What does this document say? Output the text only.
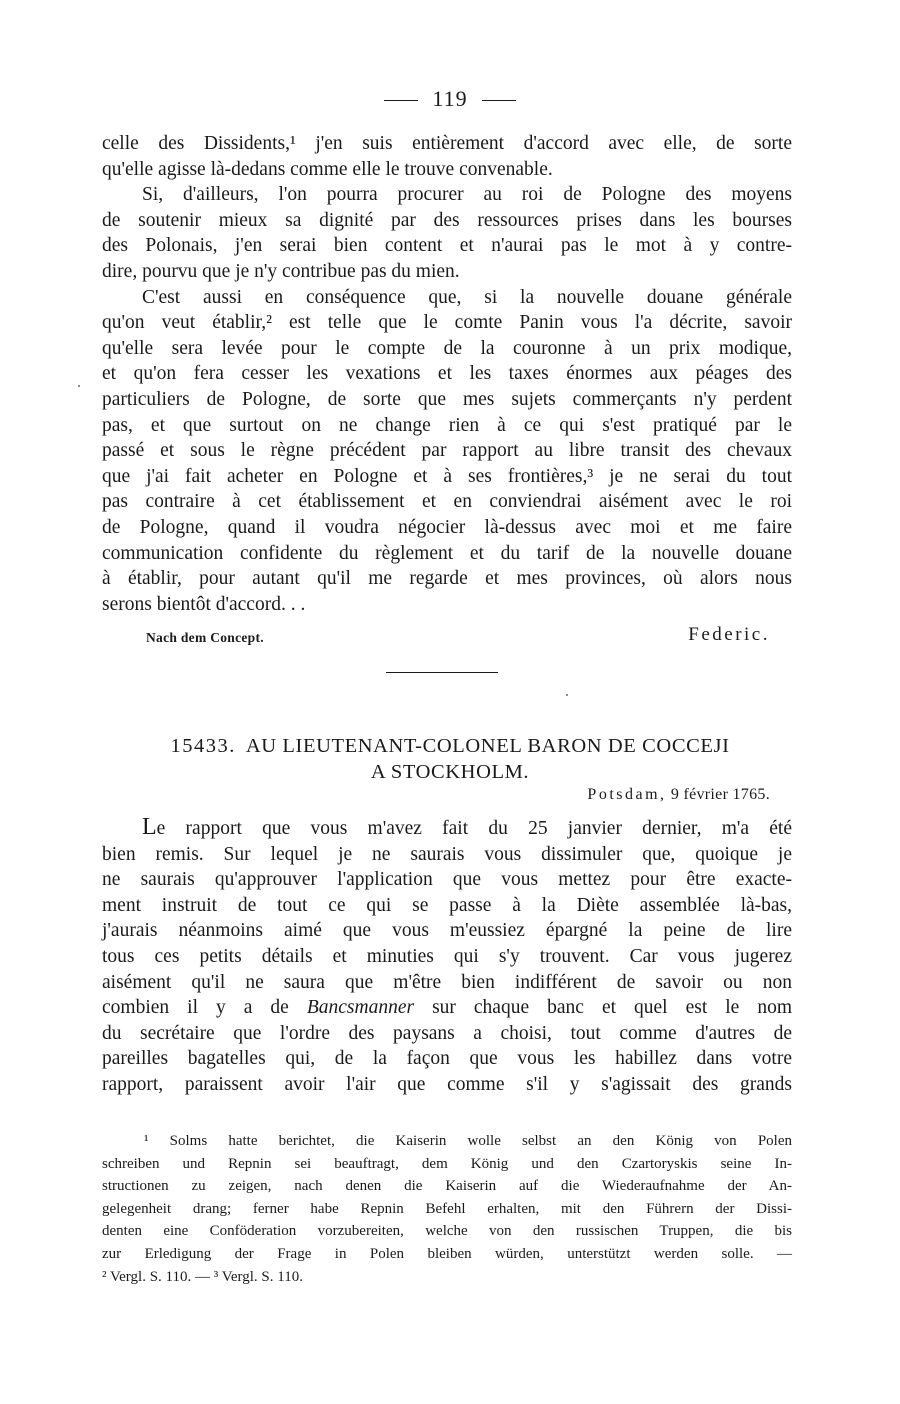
119
celle des Dissidents,¹ j'en suis entièrement d'accord avec elle, de sorte
qu'elle agisse là-dedans comme elle le trouve convenable.
Si, d'ailleurs, l'on pourra procurer au roi de Pologne des moyens
de soutenir mieux sa dignité par des ressources prises dans les bourses
des Polonais, j'en serai bien content et n'aurai pas le mot à y contre-
dire, pourvu que je n'y contribue pas du mien.
C'est aussi en conséquence que, si la nouvelle douane générale
qu'on veut établir,² est telle que le comte Panin vous l'a décrite, savoir
qu'elle sera levée pour le compte de la couronne à un prix modique,
et qu'on fera cesser les vexations et les taxes énormes aux péages des
particuliers de Pologne, de sorte que mes sujets commerçants n'y perdent
pas, et que surtout on ne change rien à ce qui s'est pratiqué par le
passé et sous le règne précédent par rapport au libre transit des chevaux
que j'ai fait acheter en Pologne et à ses frontières,³ je ne serai du tout
pas contraire à cet établissement et en conviendrai aisément avec le roi
de Pologne, quand il voudra négocier là-dessus avec moi et me faire
communication confidente du règlement et du tarif de la nouvelle douane
à établir, pour autant qu'il me regarde et mes provinces, où alors nous
serons bientôt d'accord. . .
Nach dem Concept.	Federic.
15433. AU LIEUTENANT-COLONEL BARON DE COCCEJI
A STOCKHOLM.
Potsdam, 9 février 1765.
Le rapport que vous m'avez fait du 25 janvier dernier, m'a été
bien remis. Sur lequel je ne saurais vous dissimuler que, quoique je
ne saurais qu'approuver l'application que vous mettez pour être exacte-
ment instruit de tout ce qui se passe à la Diète assemblée là-bas,
j'aurais néanmoins aimé que vous m'eussiez épargné la peine de lire
tous ces petits détails et minuties qui s'y trouvent. Car vous jugerez
aisément qu'il ne saura que m'être bien indifférent de savoir ou non
combien il y a de Bancsmanner sur chaque banc et quel est le nom
du secrétaire que l'ordre des paysans a choisi, tout comme d'autres de
pareilles bagatelles qui, de la façon que vous les habillez dans votre
rapport, paraissent avoir l'air que comme s'il y s'agissait des grands
¹ Solms hatte berichtet, die Kaiserin wolle selbst an den König von Polen
schreiben und Repnin sei beauftragt, dem König und den Czartoryskis seine In-
structionen zu zeigen, nach denen die Kaiserin auf die Wiederaufnahme der An-
gelegenheit drang; ferner habe Repnin Befehl erhalten, mit den Führern der Dissi-
denten eine Conföderation vorzubereiten, welche von den russischen Truppen, die bis
zur Erledigung der Frage in Polen bleiben würden, unterstützt werden solle. —
² Vergl. S. 110. — ³ Vergl. S. 110.
